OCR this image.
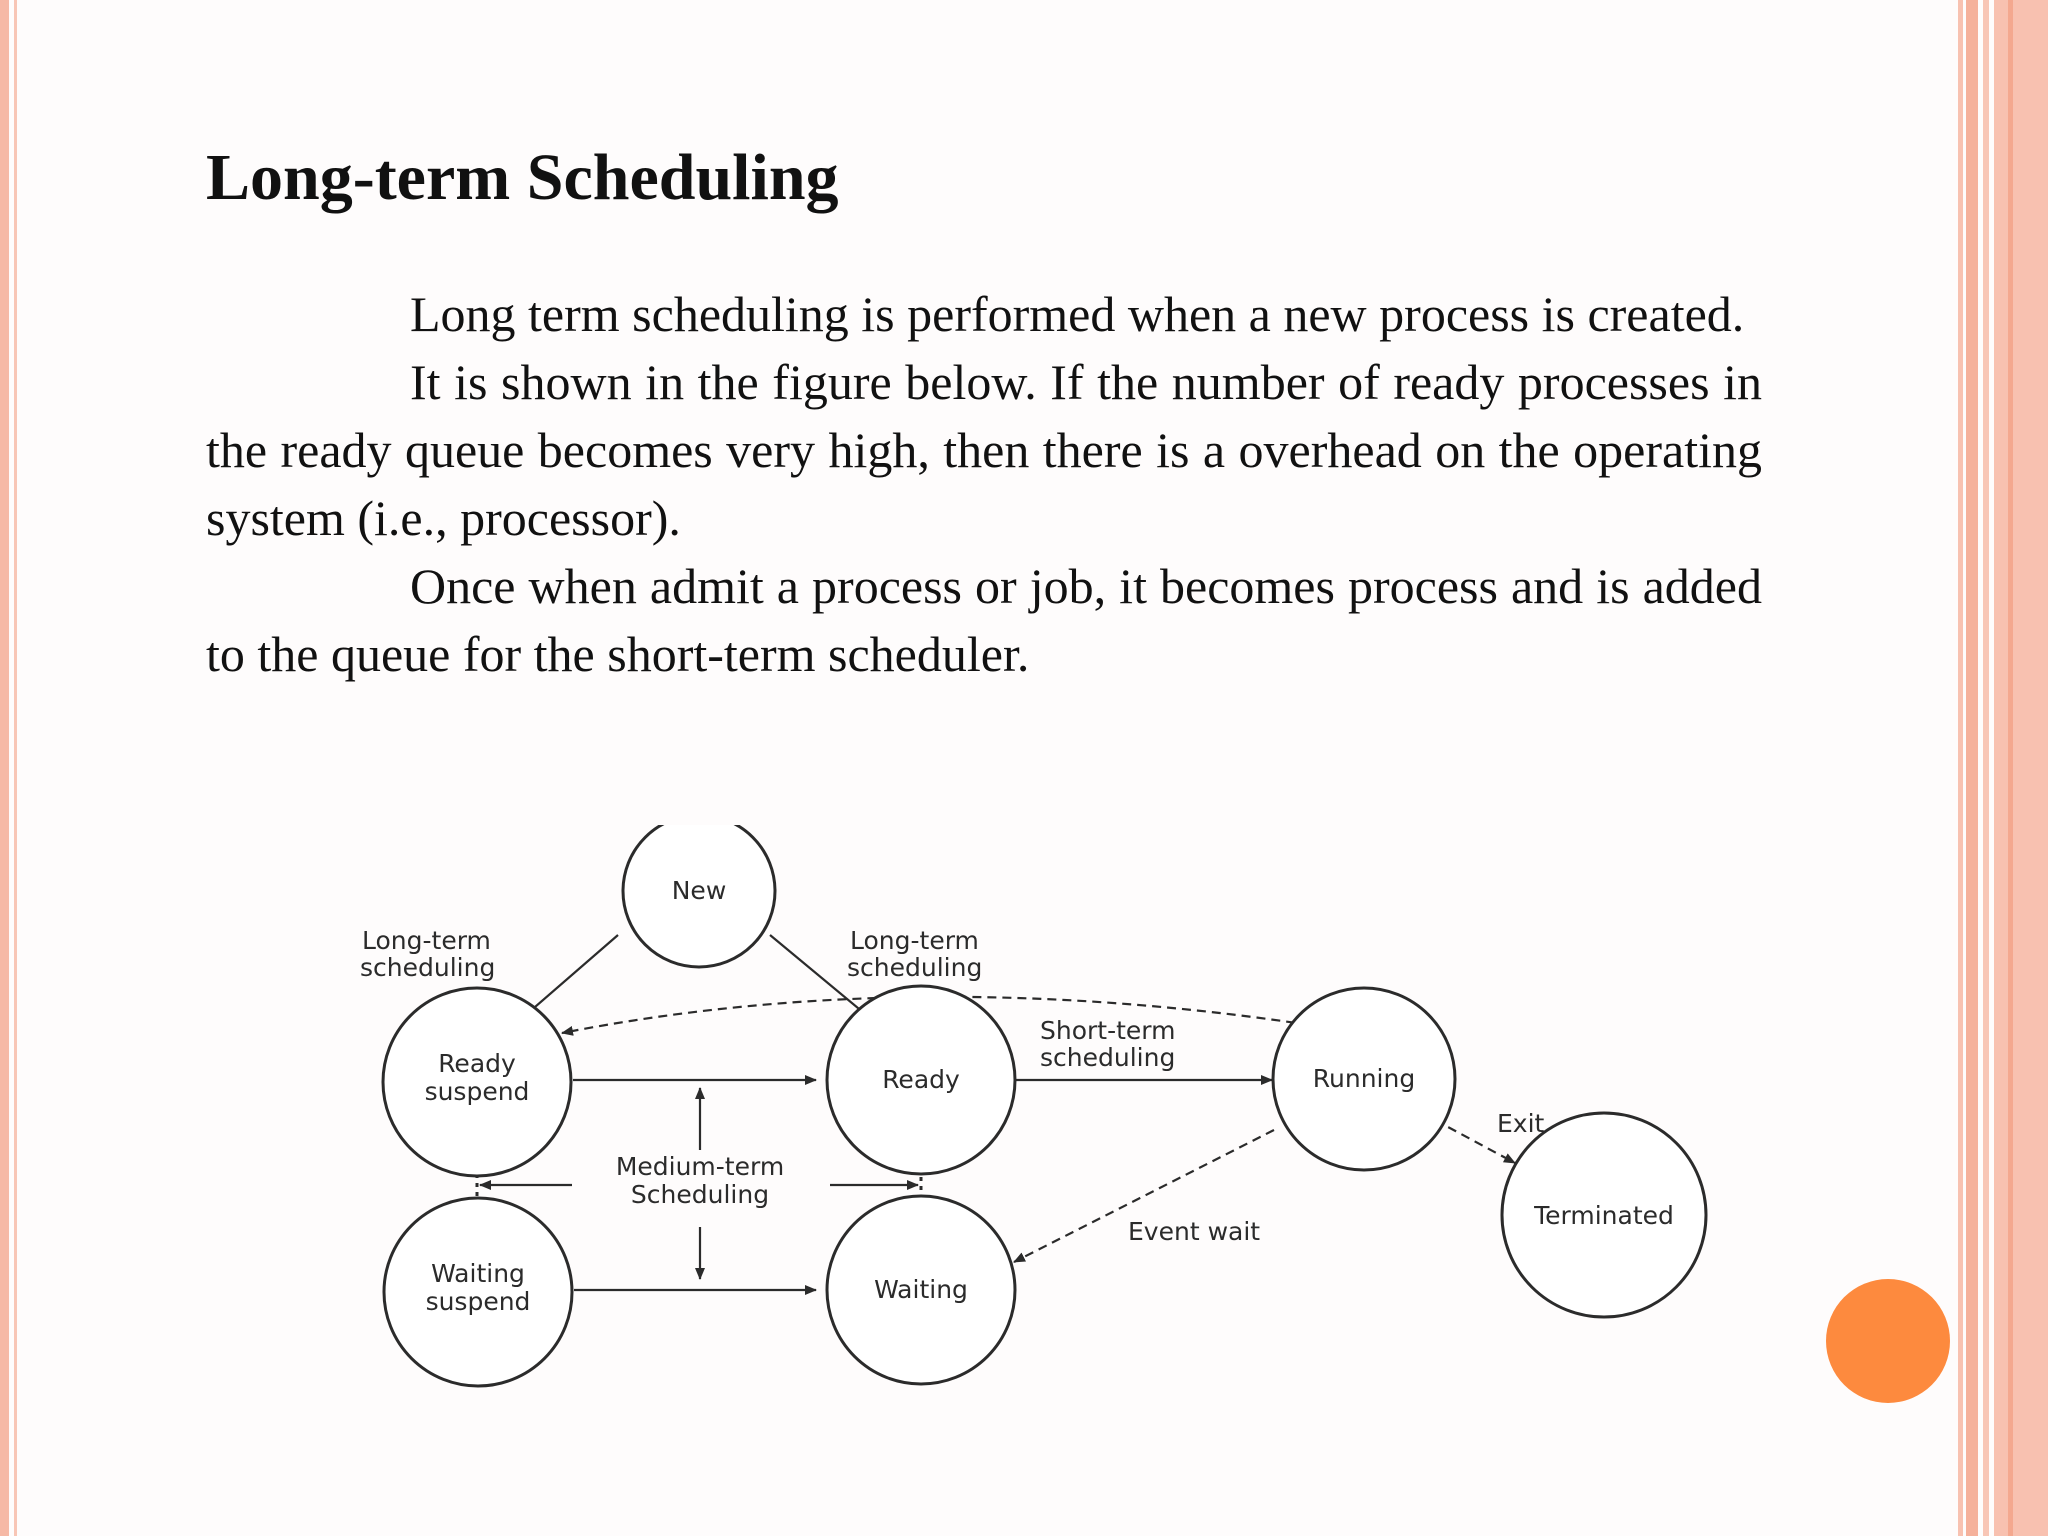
Long-term Scheduling

Long term scheduling is performed when a new process is created.

It is shown in the figure below. If the number of ready processes in the ready queue becomes very high, then there is a overhead on the operating system (i.e., processor).

Once when admit a process or job, it becomes process and is added to the queue for the short-term scheduler.

New
Ready
suspend	Ready	Running
Terminated
Waiting
suspend	Waiting
Long-term
scheduling
Long-term
scheduling
Short-term
scheduling
Medium-term
Scheduling
Exit
Event wait
